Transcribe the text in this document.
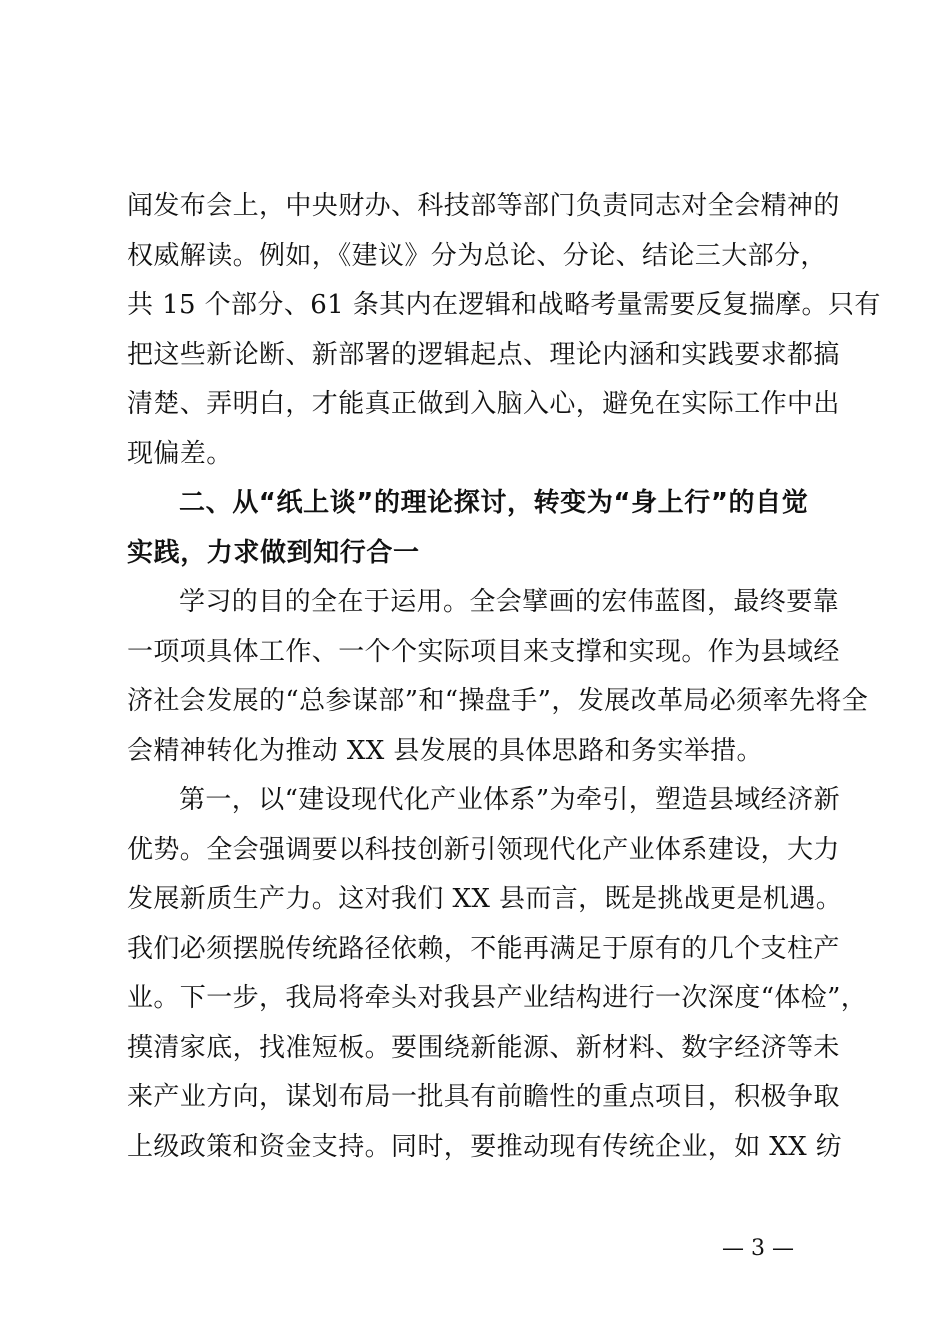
闻发布会上，中央财办、科技部等部门负责同志对全会精神的
权威解读。例如，《建议》分为总论、分论、结论三大部分，
共 15 个部分、61 条其内在逻辑和战略考量需要反复揣摩。只有
把这些新论断、新部署的逻辑起点、理论内涵和实践要求都搞
清楚、弄明白，才能真正做到入脑入心，避免在实际工作中出
现偏差。
二、从“纸上谈”的理论探讨，转变为“身上行”的自觉
实践，力求做到知行合一
学习的目的全在于运用。全会擘画的宏伟蓝图，最终要靠
一项项具体工作、一个个实际项目来支撑和实现。作为县域经
济社会发展的“总参谋部”和“操盘手”，发展改革局必须率先将全
会精神转化为推动 XX 县发展的具体思路和务实举措。
第一，以“建设现代化产业体系”为牵引，塑造县域经济新
优势。全会强调要以科技创新引领现代化产业体系建设，大力
发展新质生产力。这对我们 XX 县而言，既是挑战更是机遇。
我们必须摆脱传统路径依赖，不能再满足于原有的几个支柱产
业。下一步，我局将牵头对我县产业结构进行一次深度“体检”，
摸清家底，找准短板。要围绕新能源、新材料、数字经济等未
来产业方向，谋划布局一批具有前瞻性的重点项目，积极争取
上级政策和资金支持。同时，要推动现有传统企业，如 XX 纺
— 3 —
